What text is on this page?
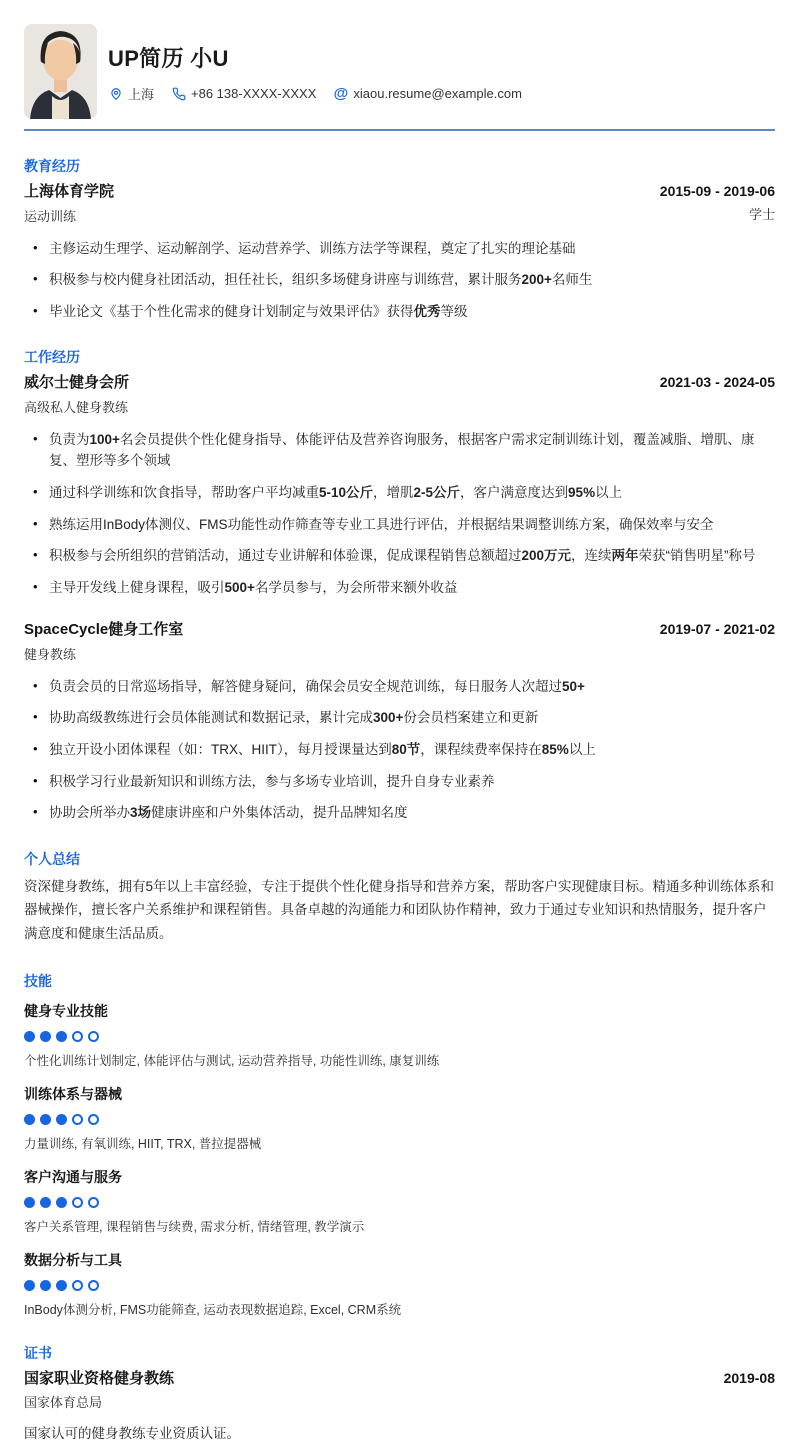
UP简历 小U
上海	+86 138-XXXX-XXXX @ xiaou.resume@example.com
教育经历
上海体育学院
运动训练
2015-09 - 2019-06
学士
• 主修运动生理学、运动解剖学、运动营养学、训练方法学等课程，奠定了扎实的理论基础
• 积极参与校内健身社团活动，担任社长，组织多场健身讲座与训练营，累计服务200+名师生
• 毕业论文《基于个性化需求的健身计划制定与效果评估》获得优秀等级
工作经历
威尔士健身会所
高级私人健身教练
2021-03 - 2024-05
• 负责为100+名会员提供个性化健身指导、体能评估及营养咨询服务，根据客户需求定制训练计划，覆盖减脂、增肌、康复、塑形等多个领域
• 通过科学训练和饮食指导，帮助客户平均减重5-10公斤，增肌2-5公斤，客户满意度达到95%以上
• 熟练运用InBody体测仪、FMS功能性动作筛查等专业工具进行评估，并根据结果调整训练方案，确保效率与安全
• 积极参与会所组织的营销活动，通过专业讲解和体验课，促成课程销售总额超过200万元，连续两年荣获“销售明星”称号
• 主导开发线上健身课程，吸引500+名学员参与，为会所带来额外收益
SpaceCycle健身工作室
健身教练
2019-07 - 2021-02
• 负责会员的日常巡场指导，解答健身疑问，确保会员安全规范训练，每日服务人次超过50+
• 协助高级教练进行会员体能测试和数据记录，累计完成300+份会员档案建立和更新
• 独立开设小团体课程（如：TRX、HIIT），每月授课量达到80节，课程续费率保持在85%以上
• 积极学习行业最新知识和训练方法，参与多场专业培训，提升自身专业素养
• 协助会所举办3场健康讲座和户外集体活动，提升品牌知名度
个人总结

资深健身教练，拥有5年以上丰富经验，专注于提供个性化健身指导和营养方案，帮助客户实现健康目标。精通多种训练体系和器械操作，擅长客户关系维护和课程销售。具备卓越的沟通能力和团队协作精神，致力于通过专业知识和热情服务，提升客户满意度和健康生活品质。

技能
健身专业技能
个性化训练计划制定, 体能评估与测试, 运动营养指导, 功能性训练, 康复训练
训练体系与器械
力量训练, 有氧训练, HIIT, TRX, 普拉提器械
客户沟通与服务
客户关系管理, 课程销售与续费, 需求分析, 情绪管理, 教学演示
数据分析与工具
InBody体测分析, FMS功能筛查, 运动表现数据追踪, Excel, CRM系统
证书
国家职业资格健身教练
国家体育总局
2019-08

国家认可的健身教练专业资质认证。
